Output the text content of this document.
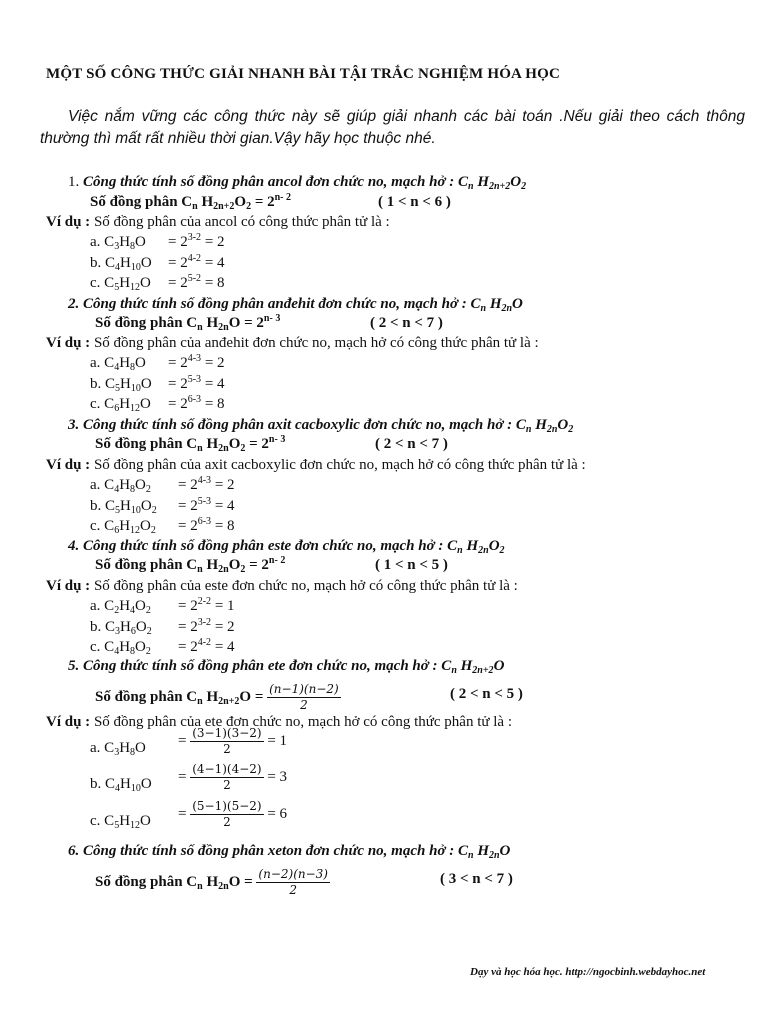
MỘT SỐ CÔNG THỨC GIẢI NHANH BÀI TẬI TRẮC NGHIỆM HÓA HỌC
Việc nắm vững các công thức này sẽ giúp giải nhanh các bài toán .Nếu giải theo cách thông thường thì mất rất nhiều thời gian.Vậy hãy học thuộc nhé.
1. Công thức tính số đồng phân ancol đơn chức no, mạch hở : $C_n$ $H_{2n+2}O_2$
Số đồng phân $C_n$ $H_{2n+2}O_2 = 2^{n- 2}$	( 1 < n < 6 )
Ví dụ : Số đồng phân của ancol có công thức phân tử là :
a. $C_3H_8O = 2^{3-2} = 2$
b. $C_4H_{10}O = 2^{4-2} = 4$
c. $C_5H_{12}O = 2^{5-2} = 8$
2. Công thức tính số đồng phân anđehit đơn chức no, mạch hở : $C_n$ $H_{2n}O$
Số đồng phân $C_n$ $H_{2n}O = 2^{n- 3}$	( 2 < n < 7 )
Ví dụ : Số đồng phân của anđehit đơn chức no, mạch hở có công thức phân tử là :
a. $C_4H_8O = 2^{4-3} = 2$
b. $C_5H_{10}O = 2^{5-3} = 4$
c. $C_6H_{12}O = 2^{6-3} = 8$
3. Công thức tính số đồng phân axit cacboxylic đơn chức no, mạch hở : $C_n$ $H_{2n}O_2$
Số đồng phân $C_n$ $H_{2n}O_2 = 2^{n- 3}$	( 2 < n < 7 )
Ví dụ : Số đồng phân của axit cacboxylic đơn chức no, mạch hở có công thức phân tử là :
a. $C_4H_8O_2 = 2^{4-3} = 2$
b. $C_5H_{10}O_2 = 2^{5-3} = 4$
c. $C_6H_{12}O_2 = 2^{6-3} = 8$
4. Công thức tính số đồng phân este đơn chức no, mạch hở : $C_n$ $H_{2n}O_2$
Số đồng phân $C_n$ $H_{2n}O_2 = 2^{n- 2}$	( 1 < n < 5 )
Ví dụ : Số đồng phân của este đơn chức no, mạch hở có công thức phân tử là :
a. $C_2H_4O_2 = 2^{2-2} = 1$
b. $C_3H_6O_2 = 2^{3-2} = 2$
c. $C_4H_8O_2 = 2^{4-2} = 4$
5. Công thức tính số đồng phân ete đơn chức no, mạch hở : $C_n$ $H_{2n+2}O$
Số đồng phân $C_n$ $H_{2n+2}O = \frac{(n-1)(n-2)}{2}$	( 2 < n < 5 )
Ví dụ : Số đồng phân của ete đơn chức no, mạch hở có công thức phân tử là :
a. $C_3H_8O = \frac{(3-1)(3-2)}{2} = 1$
b. $C_4H_{10}O = \frac{(4-1)(4-2)}{2} = 3$
c. $C_5H_{12}O = \frac{(5-1)(5-2)}{2} = 6$
6. Công thức tính số đồng phân xeton đơn chức no, mạch hở : $C_n$ $H_{2n}O$
Số đồng phân $C_n$ $H_{2n}O = \frac{(n-2)(n-3)}{2}$	( 3 < n < 7 )
Dạy và học hóa học. http://ngocbinh.webdayhoc.net
